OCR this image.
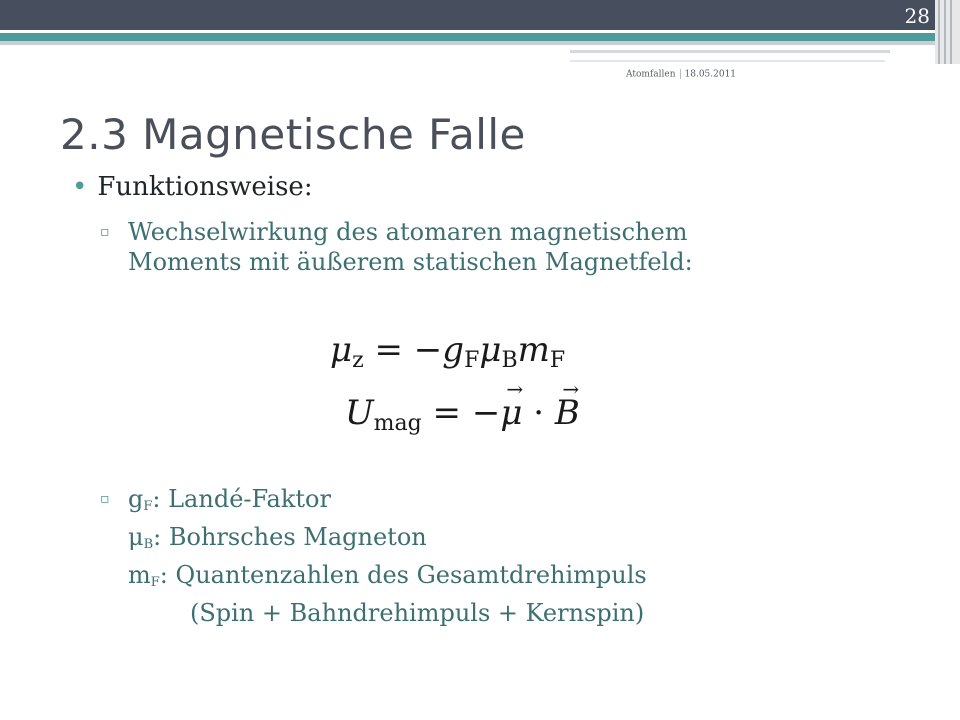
28
Atomfallen 18.05.2011
2.3 Magnetische Falle
• Funktionsweise:
▫ Wechselwirkung des atomaren magnetischem
Moments mit äußerem statischen Magnetfeld:
μz = −gFμBmF
Umag = −→ μ · → B
▫ $g_F$: Landé-Faktor
$\mu_B$: Bohrsches Magneton
$m_F$: Quantenzahlen des Gesamtdrehimpuls
(Spin + Bahndrehimpuls + Kernspin)
